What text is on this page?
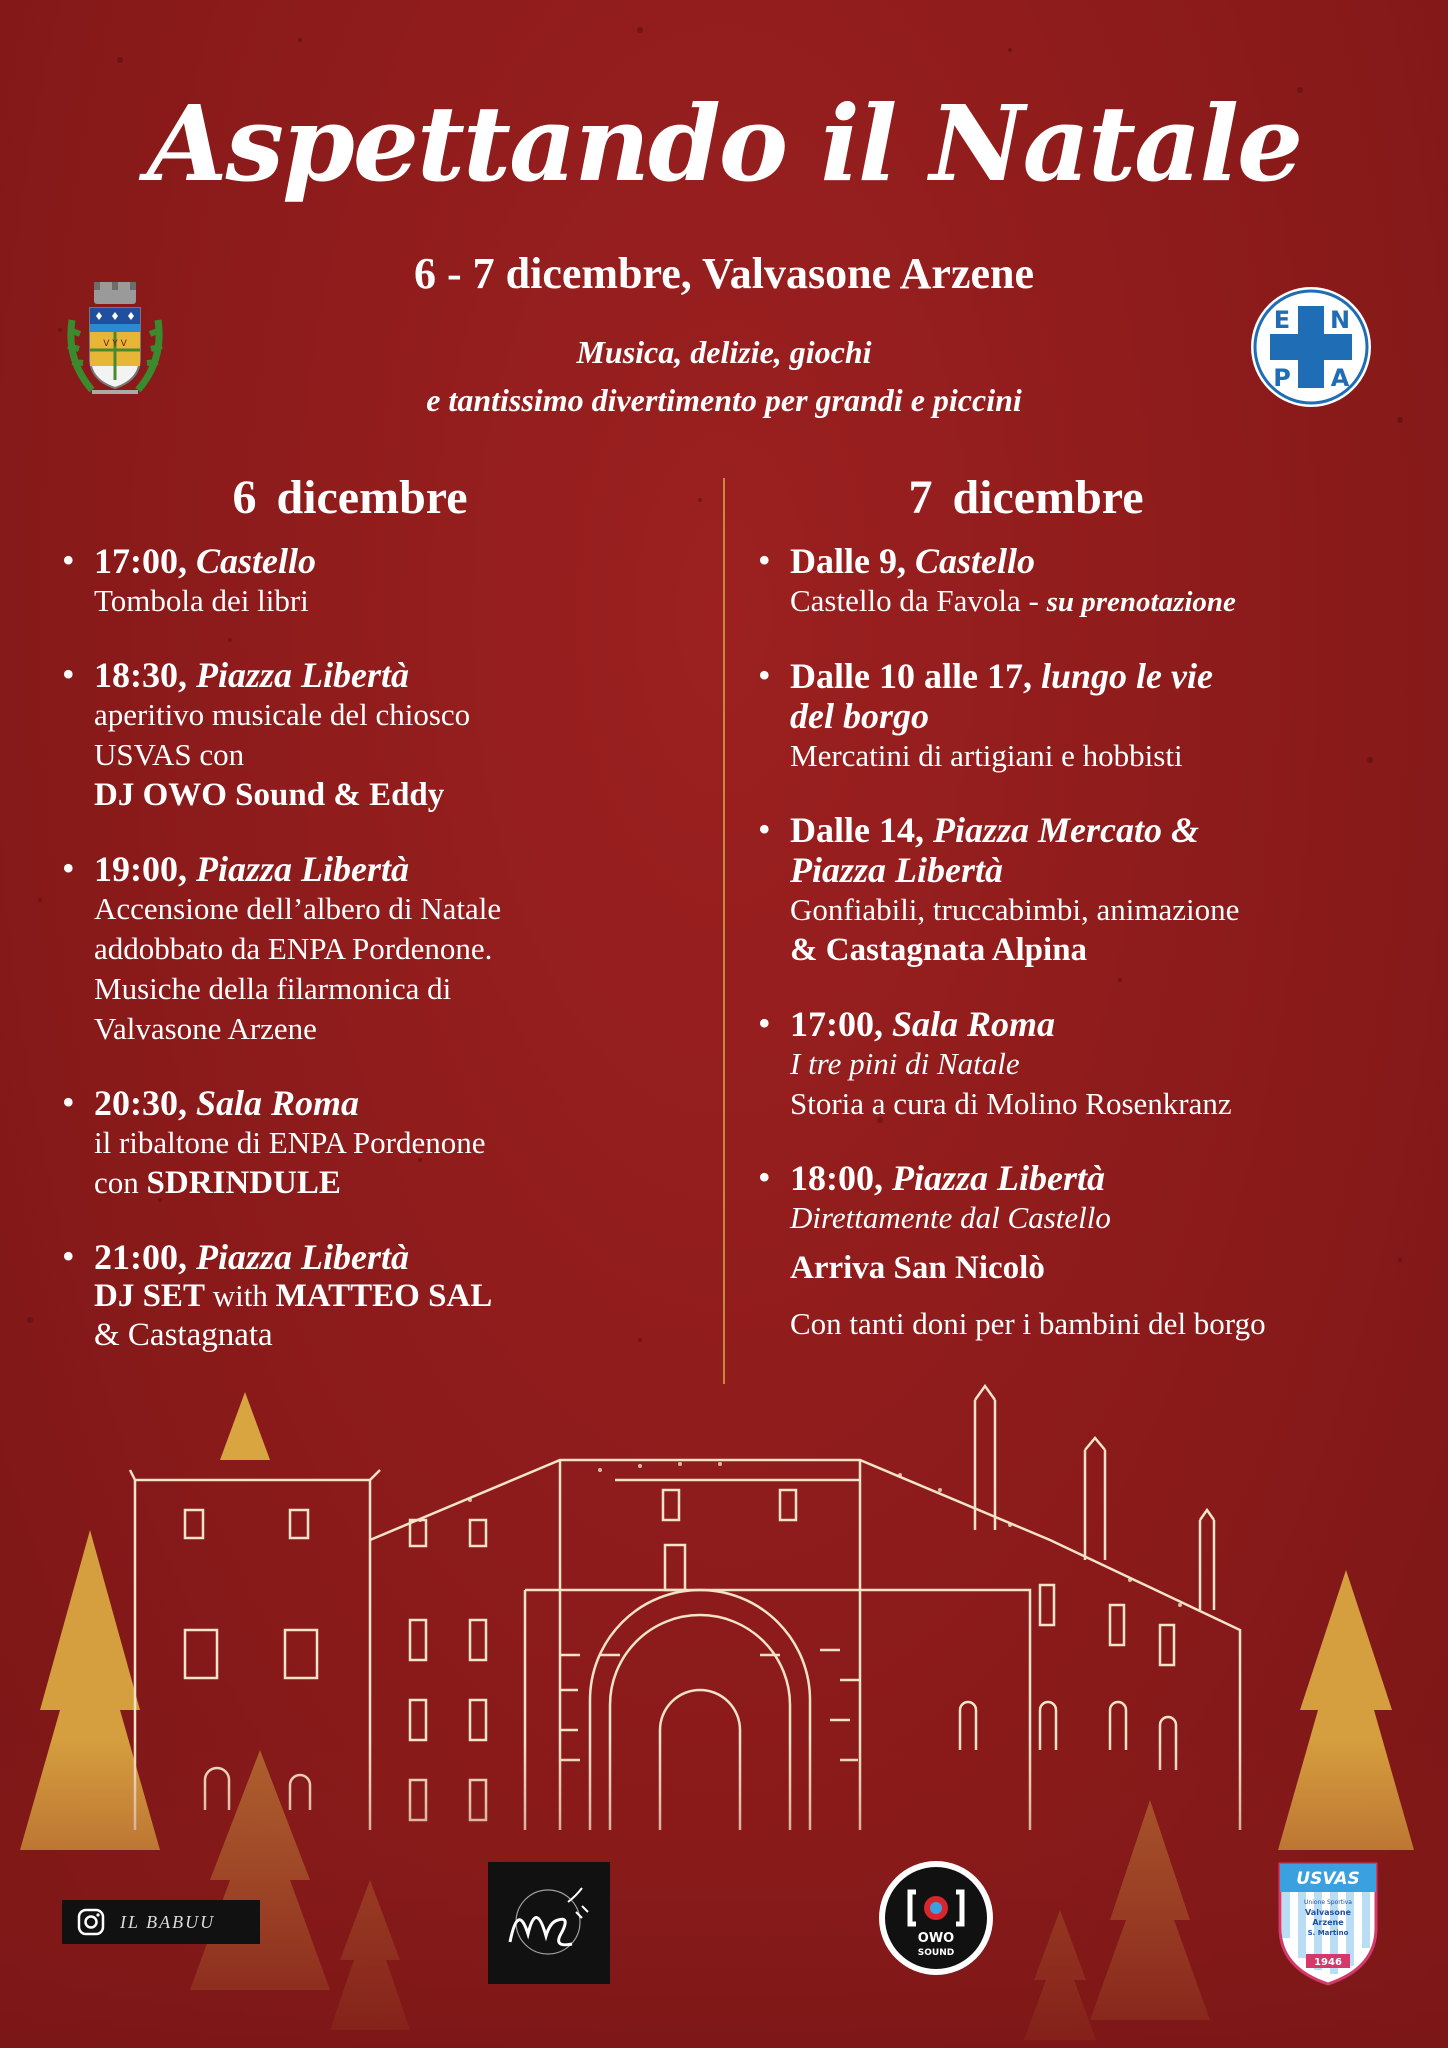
Aspettando il Natale
6 - 7 dicembre, Valvasone Arzene
Musica, delizie, giochi
e tantissimo divertimento per grandi e piccini
V Y V
E N
P A
6 dicembre
• 17:00, Castello
Tombola dei libri
• 18:30, Piazza Libertà
aperitivo musicale del chiosco
USVAS con
DJ OWO Sound & Eddy
• 19:00, Piazza Libertà
Accensione dell’albero di Natale
addobbato da ENPA Pordenone.
Musiche della filarmonica di
Valvasone Arzene
• 20:30, Sala Roma
il ribaltone di ENPA Pordenone
con SDRINDULE
• 21:00, Piazza Libertà
DJ SET with MATTEO SAL
& Castagnata
7 dicembre
• Dalle 9, Castello
Castello da Favola - su prenotazione
• Dalle 10 alle 17, lungo le vie
del borgo
Mercatini di artigiani e hobbisti
• Dalle 14, Piazza Mercato &
Piazza Libertà
Gonfiabili, truccabimbi, animazione
& Castagnata Alpina
• 17:00, Sala Roma
I tre pini di Natale
Storia a cura di Molino Rosenkranz
• 18:00, Piazza Libertà
Direttamente dal Castello
Arriva San Nicolò
Con tanti doni per i bambini del borgo
IL BABUU
OWO
SOUND
USVAS
Unione Sportiva
Valvasone
Arzene
S. Martino
1946
